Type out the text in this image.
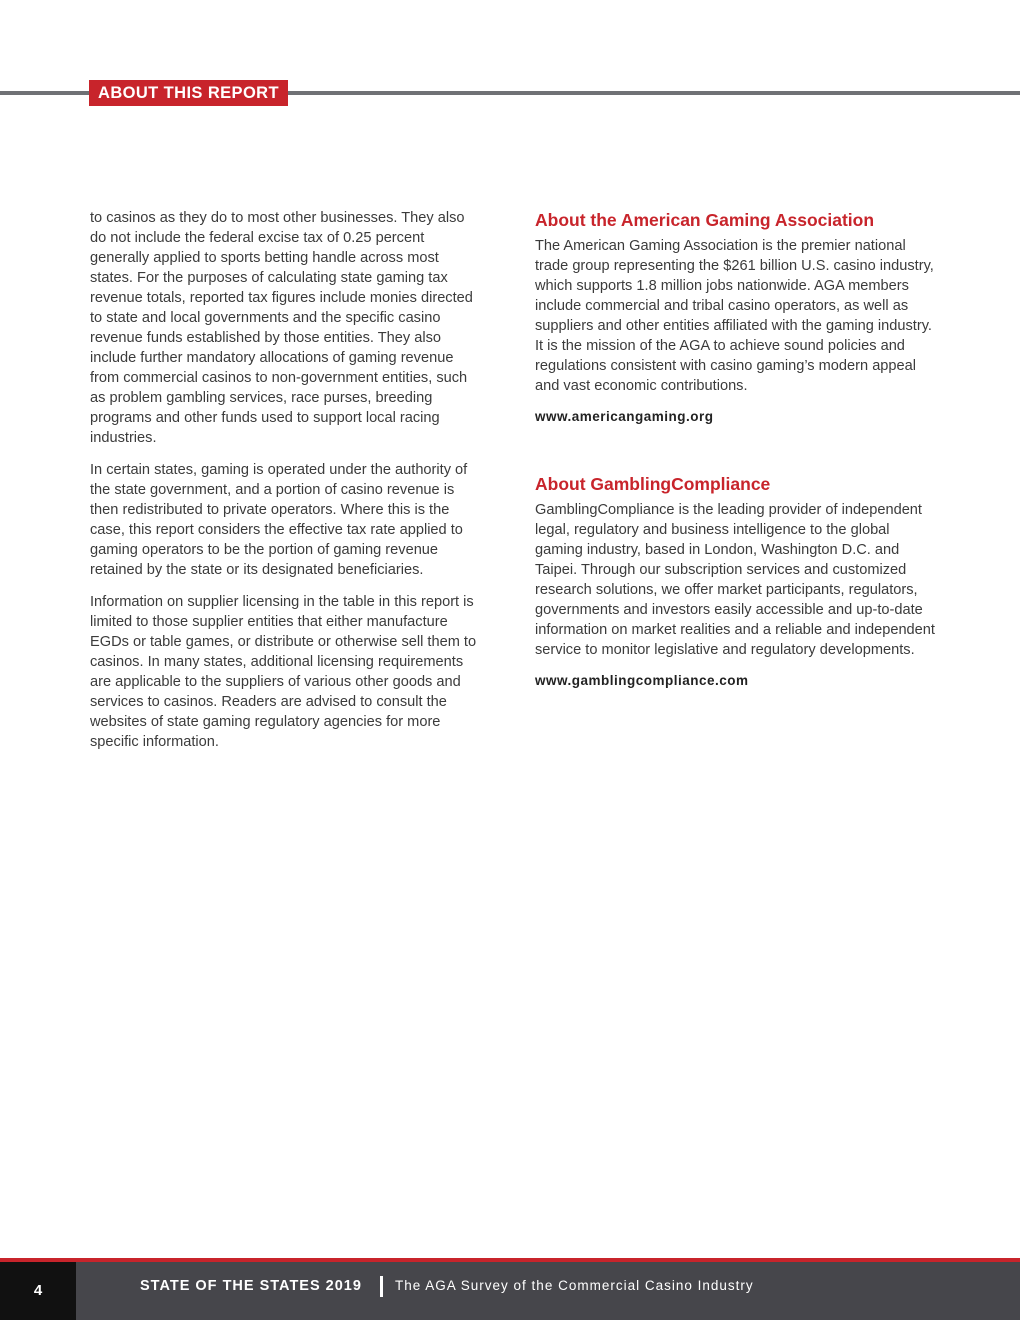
ABOUT THIS REPORT

to casinos as they do to most other businesses. They also do not include the federal excise tax of 0.25 percent generally applied to sports betting handle across most states. For the purposes of calculating state gaming tax revenue totals, reported tax figures include monies directed to state and local governments and the specific casino revenue funds established by those entities. They also include further mandatory allocations of gaming revenue from commercial casinos to non-government entities, such as problem gambling services, race purses, breeding programs and other funds used to support local racing industries.

In certain states, gaming is operated under the authority of the state government, and a portion of casino revenue is then redistributed to private operators. Where this is the case, this report considers the effective tax rate applied to gaming operators to be the portion of gaming revenue retained by the state or its designated beneficiaries.

Information on supplier licensing in the table in this report is limited to those supplier entities that either manufacture EGDs or table games, or distribute or otherwise sell them to casinos. In many states, additional licensing requirements are applicable to the suppliers of various other goods and services to casinos. Readers are advised to consult the websites of state gaming regulatory agencies for more specific information.

About the American Gaming Association

The American Gaming Association is the premier national trade group representing the $261 billion U.S. casino industry, which supports 1.8 million jobs nationwide. AGA members include commercial and tribal casino operators, as well as suppliers and other entities affiliated with the gaming industry. It is the mission of the AGA to achieve sound policies and regulations consistent with casino gaming’s modern appeal and vast economic contributions.

www.americangaming.org
About GamblingCompliance

GamblingCompliance is the leading provider of independent legal, regulatory and business intelligence to the global gaming industry, based in London, Washington D.C. and Taipei. Through our subscription services and customized research solutions, we offer market participants, regulators, governments and investors easily accessible and up-to-date information on market realities and a reliable and independent service to monitor legislative and regulatory developments.

www.gamblingcompliance.com
4	STATE OF THE STATES 2019 The AGA Survey of the Commercial Casino Industry
